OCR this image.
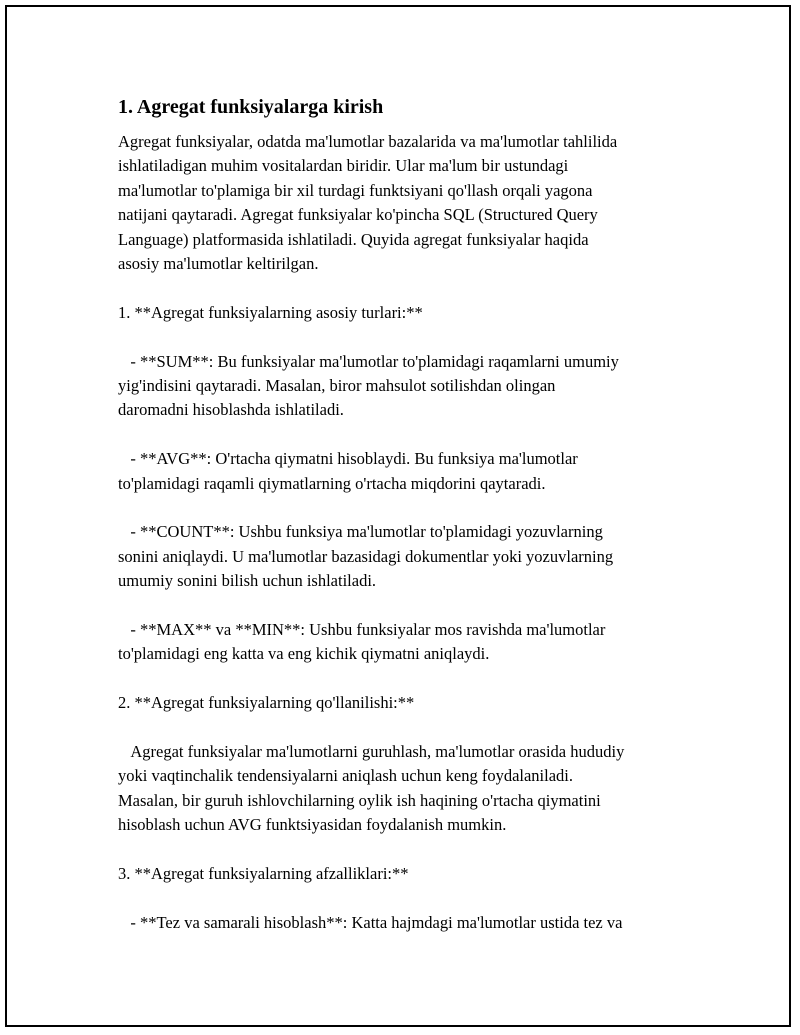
1. Agregat funksiyalarga kirish

Agregat funksiyalar, odatda ma'lumotlar bazalarida va ma'lumotlar tahlilida
ishlatiladigan muhim vositalardan biridir. Ular ma'lum bir ustundagi
ma'lumotlar to'plamiga bir xil turdagi funktsiyani qo'llash orqali yagona
natijani qaytaradi. Agregat funksiyalar ko'pincha SQL (Structured Query
Language) platformasida ishlatiladi. Quyida agregat funksiyalar haqida
asosiy ma'lumotlar keltirilgan.

1. **Agregat funksiyalarning asosiy turlari:**

- **SUM**: Bu funksiyalar ma'lumotlar to'plamidagi raqamlarni umumiy
yig'indisini qaytaradi. Masalan, biror mahsulot sotilishdan olingan
daromadni hisoblashda ishlatiladi.

- **AVG**: O'rtacha qiymatni hisoblaydi. Bu funksiya ma'lumotlar
to'plamidagi raqamli qiymatlarning o'rtacha miqdorini qaytaradi.

- **COUNT**: Ushbu funksiya ma'lumotlar to'plamidagi yozuvlarning
sonini aniqlaydi. U ma'lumotlar bazasidagi dokumentlar yoki yozuvlarning
umumiy sonini bilish uchun ishlatiladi.

- **MAX** va **MIN**: Ushbu funksiyalar mos ravishda ma'lumotlar
to'plamidagi eng katta va eng kichik qiymatni aniqlaydi.

2. **Agregat funksiyalarning qo'llanilishi:**

Agregat funksiyalar ma'lumotlarni guruhlash, ma'lumotlar orasida hududiy
yoki vaqtinchalik tendensiyalarni aniqlash uchun keng foydalaniladi.
Masalan, bir guruh ishlovchilarning oylik ish haqining o'rtacha qiymatini
hisoblash uchun AVG funktsiyasidan foydalanish mumkin.

3. **Agregat funksiyalarning afzalliklari:**

- **Tez va samarali hisoblash**: Katta hajmdagi ma'lumotlar ustida tez va
